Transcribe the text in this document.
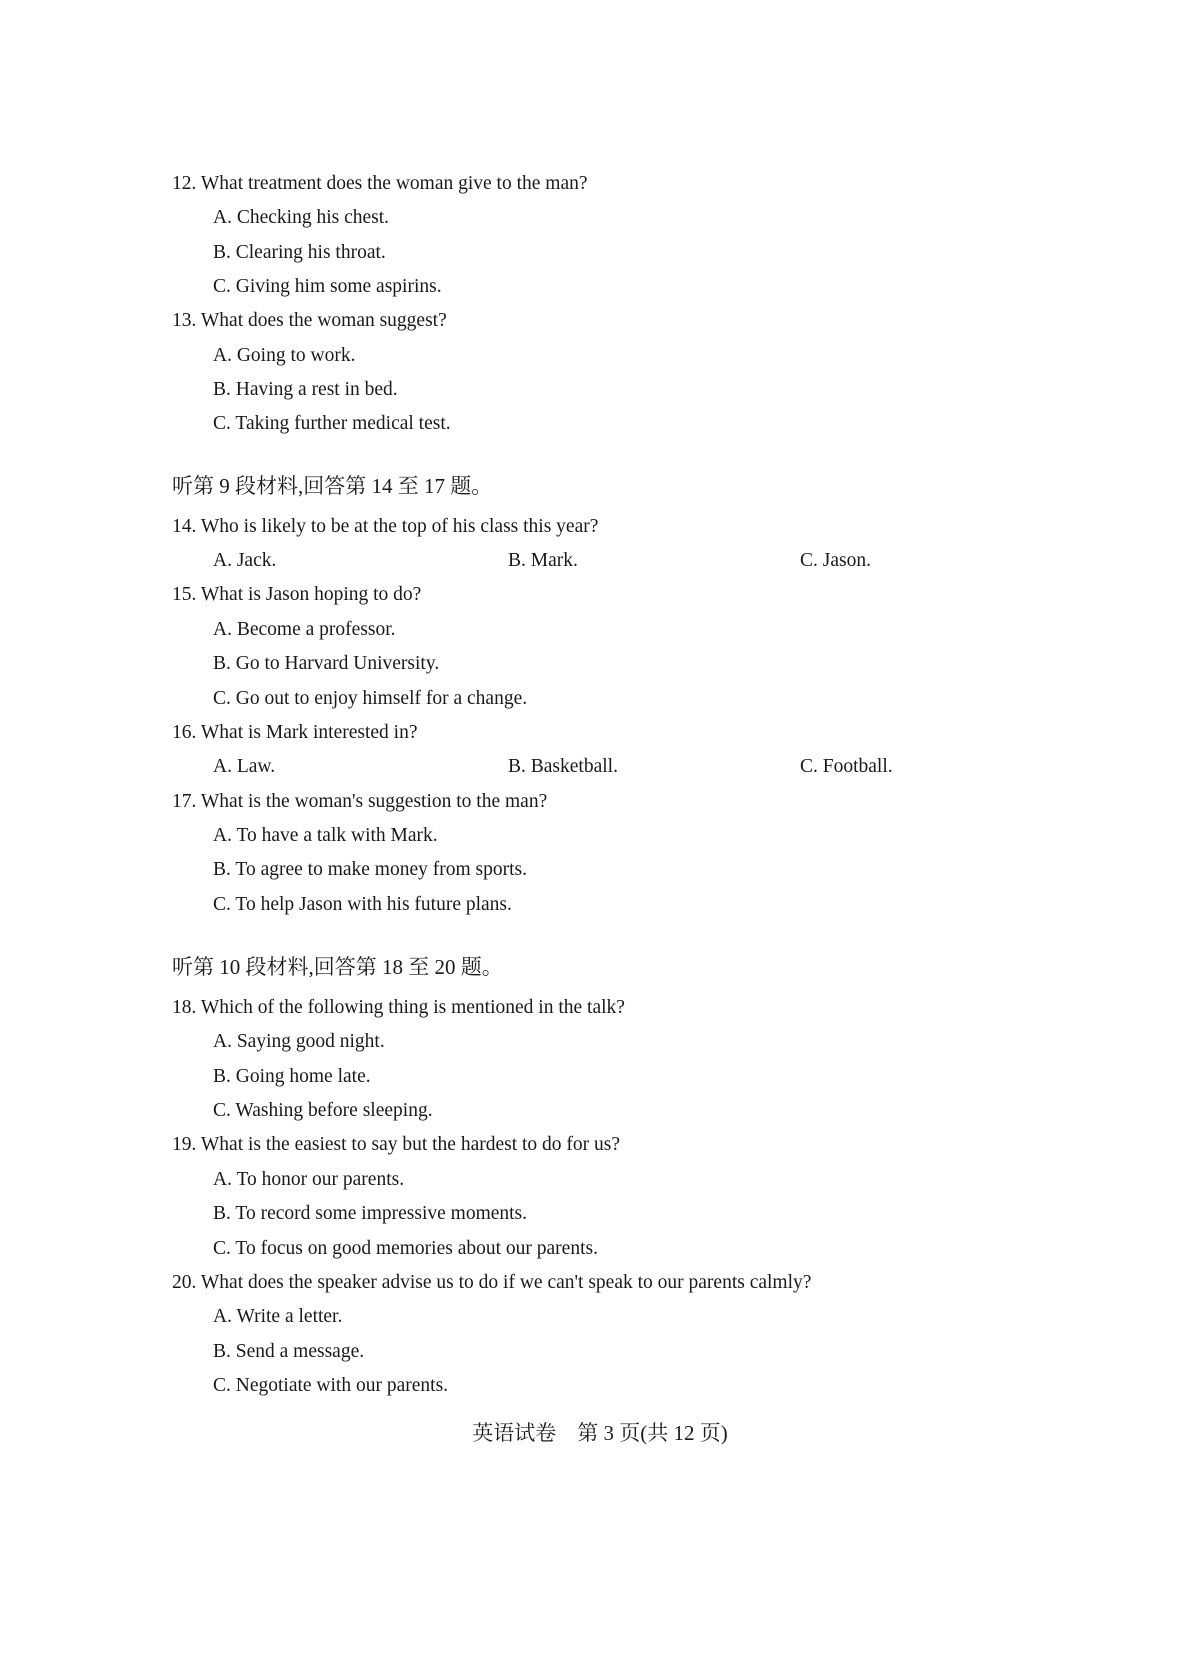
12. What treatment does the woman give to the man?
A. Checking his chest.
B. Clearing his throat.
C. Giving him some aspirins.
13. What does the woman suggest?
A. Going to work.
B. Having a rest in bed.
C. Taking further medical test.
听第 9 段材料,回答第 14 至 17 题。
14. Who is likely to be at the top of his class this year?
A. Jack.	B. Mark.	C. Jason.
15. What is Jason hoping to do?
A. Become a professor.
B. Go to Harvard University.
C. Go out to enjoy himself for a change.
16. What is Mark interested in?
A. Law.	B. Basketball.	C. Football.
17. What is the woman's suggestion to the man?
A. To have a talk with Mark.
B. To agree to make money from sports.
C. To help Jason with his future plans.
听第 10 段材料,回答第 18 至 20 题。
18. Which of the following thing is mentioned in the talk?
A. Saying good night.
B. Going home late.
C. Washing before sleeping.
19. What is the easiest to say but the hardest to do for us?
A. To honor our parents.
B. To record some impressive moments.
C. To focus on good memories about our parents.
20. What does the speaker advise us to do if we can't speak to our parents calmly?
A. Write a letter.
B. Send a message.
C. Negotiate with our parents.
英语试卷　第 3 页(共 12 页)
